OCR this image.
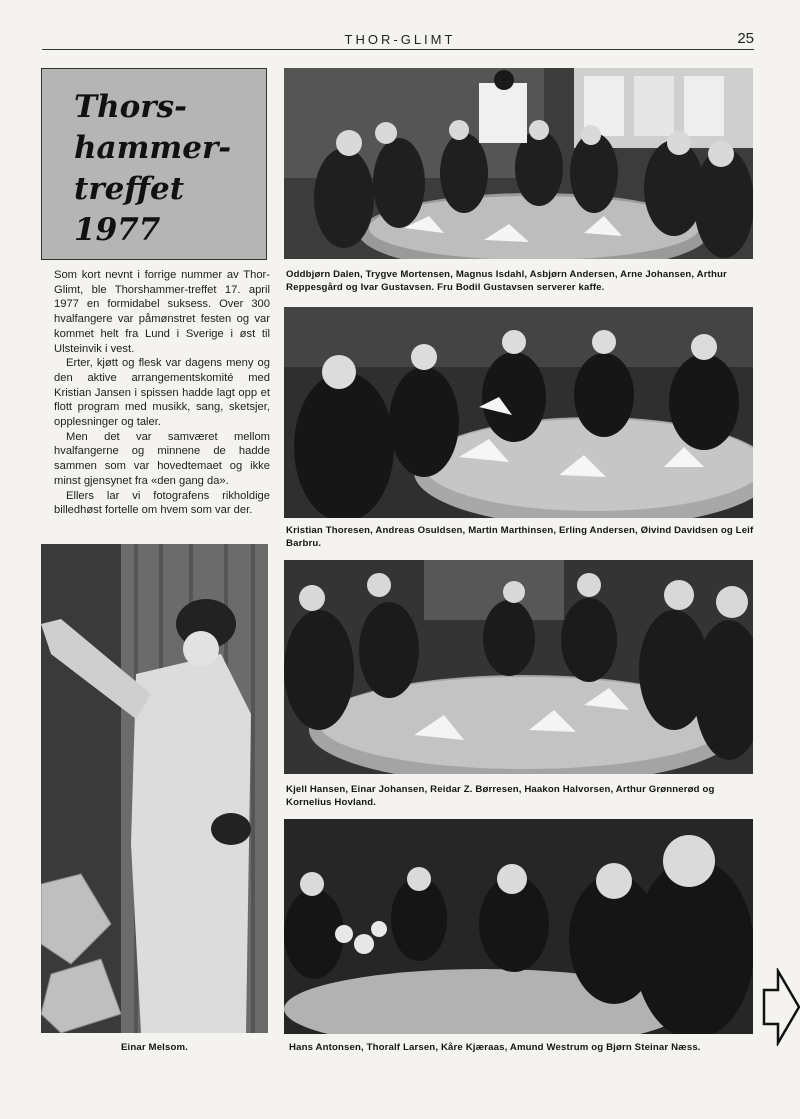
THOR-GLIMT	25
Thors-
hammer-
treffet
1977

Som kort nevnt i forrige nummer av Thor-Glimt, ble Thorshammer-treffet 17. april 1977 en formidabel suksess. Over 300 hvalfangere var påmønstret festen og var kommet helt fra Lund i Sverige i øst til Ulsteinvik i vest.

Erter, kjøtt og flesk var dagens meny og den aktive arrangementskomité med Kristian Jansen i spissen hadde lagt opp et flott program med musikk, sang, sketsjer, opplesninger og taler.

Men det var samværet mellom hvalfangerne og minnene de hadde sammen som var hovedtemaet og ikke minst gjensynet fra «den gang da».

Ellers lar vi fotografens rikholdige billedhøst fortelle om hvem som var der.

Oddbjørn Dalen, Trygve Mortensen, Magnus Isdahl, Asbjørn Andersen, Arne Johansen, Arthur Reppesgård og Ivar Gustavsen. Fru Bodil Gustavsen serverer kaffe.
Kristian Thoresen, Andreas Osuldsen, Martin Marthinsen, Erling Andersen, Øivind Davidsen og Leif Barbru.
Einar Melsom.
Kjell Hansen, Einar Johansen, Reidar Z. Børresen, Haakon Halvorsen, Arthur Grønnerød og Kornelius Hovland.
Hans Antonsen, Thoralf Larsen, Kåre Kjæraas, Amund Westrum og Bjørn Steinar Næss.
